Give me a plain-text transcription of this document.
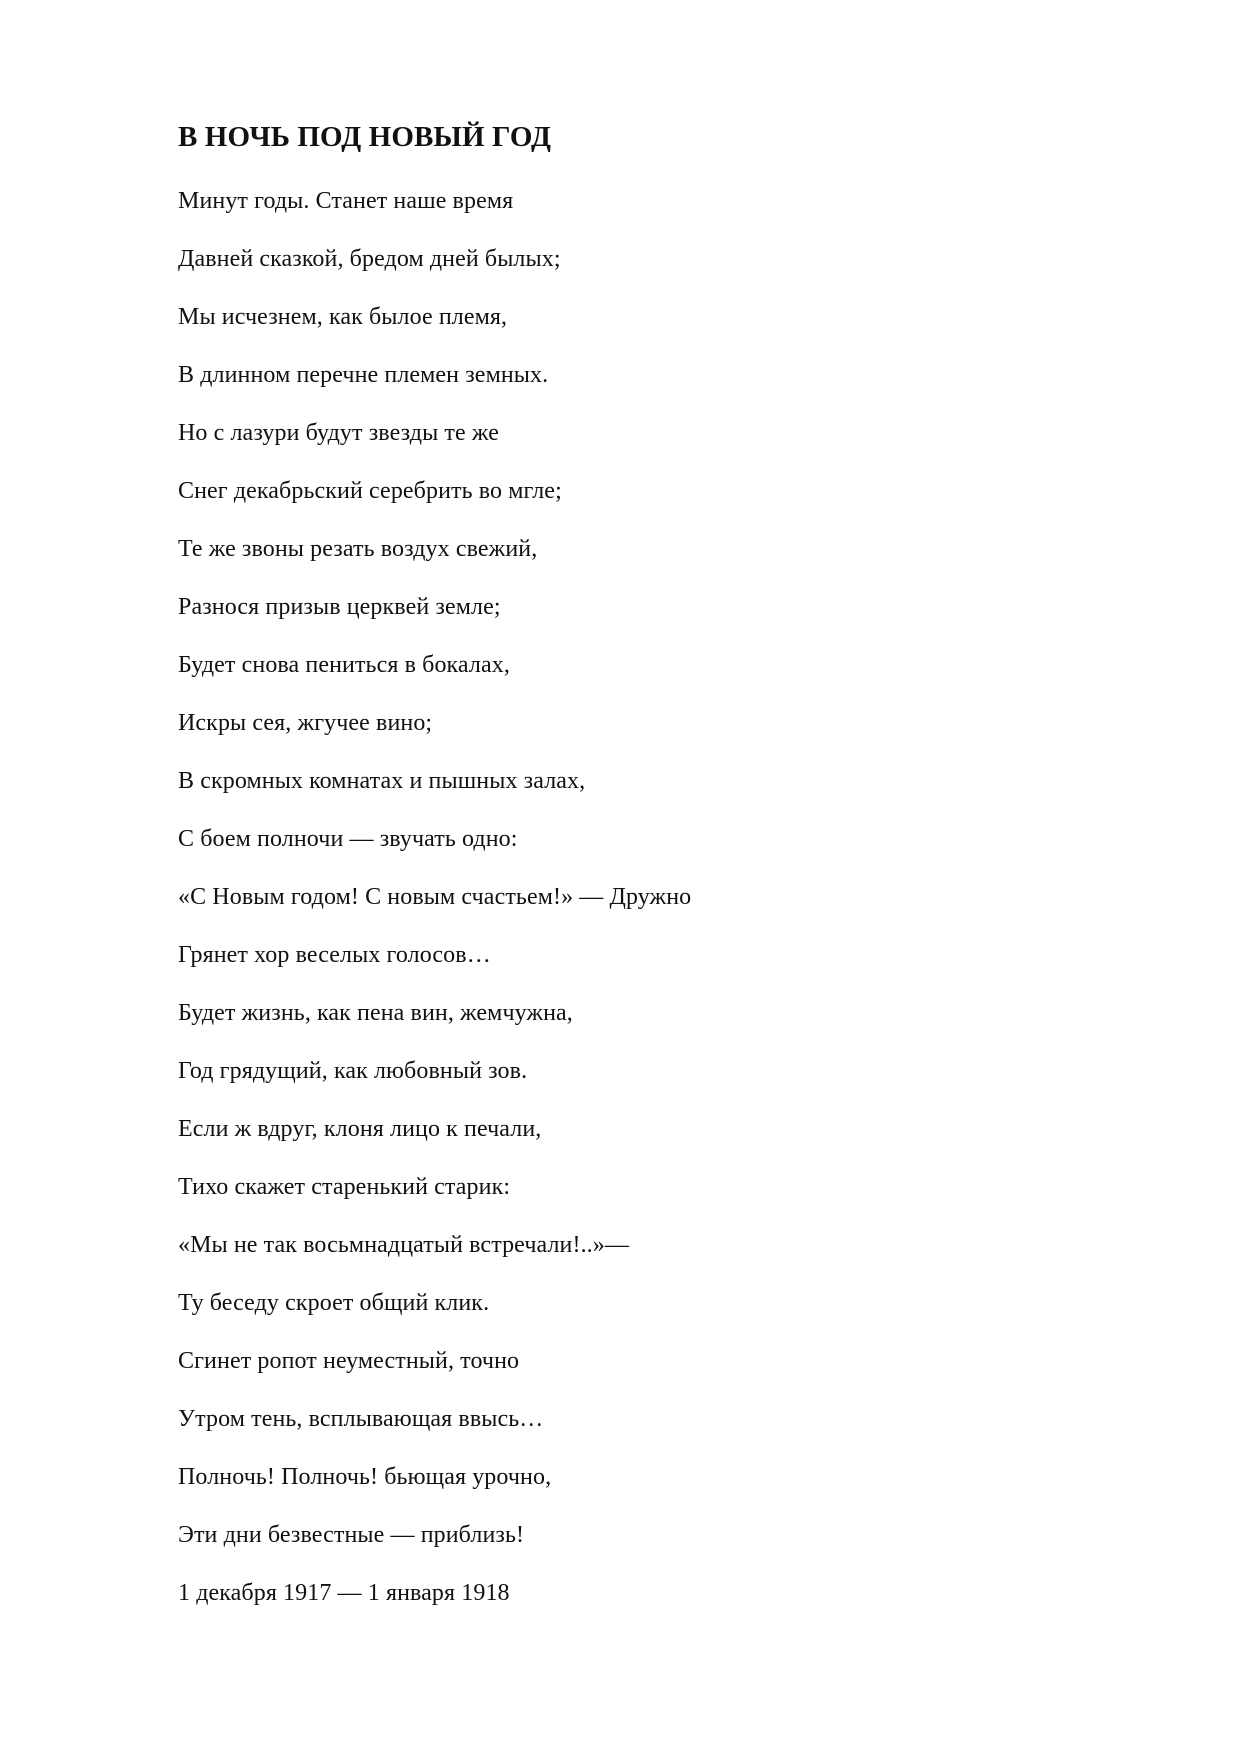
В НОЧЬ ПОД НОВЫЙ ГОД
Минут годы. Станет наше время
Давней сказкой, бредом дней былых;
Мы исчезнем, как былое племя,
В длинном перечне племен земных.
Но с лазури будут звезды те же
Снег декабрьский серебрить во мгле;
Те же звоны резать воздух свежий,
Разнося призыв церквей земле;
Будет снова пениться в бокалах,
Искры сея, жгучее вино;
В скромных комнатах и пышных залах,
С боем полночи — звучать одно:
«С Новым годом! С новым счастьем!» — Дружно
Грянет хор веселых голосов…
Будет жизнь, как пена вин, жемчужна,
Год грядущий, как любовный зов.
Если ж вдруг, клоня лицо к печали,
Тихо скажет старенький старик:
«Мы не так восьмнадцатый встречали!..»—
Ту беседу скроет общий клик.
Сгинет ропот неуместный, точно
Утром тень, всплывающая ввысь…
Полночь! Полночь! бьющая урочно,
Эти дни безвестные — приблизь!
1 декабря 1917 — 1 января 1918
